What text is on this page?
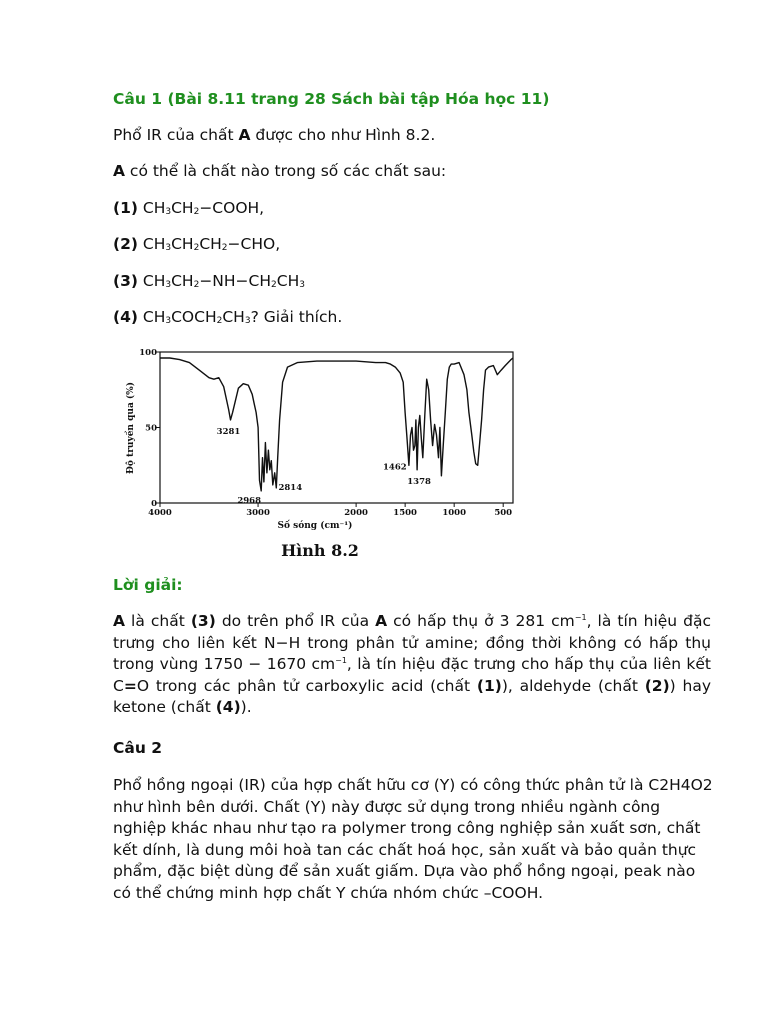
Câu 1 (Bài 8.11 trang 28 Sách bài tập Hóa học 11)
Phổ IR của chất A được cho như Hình 8.2.
A có thể là chất nào trong số các chất sau:
(1) $CH_3CH_2-COOH$,
(2) $CH_3CH_2CH_2-CHO$,
(3) $CH_3CH_2-NH-CH_2CH_3$
(4) $CH_3COCH_2CH_3$? Giải thích.
Lời giải:
A là chất (3) do trên phổ IR của A có hấp thụ ở 3 281 $cm^{-1}$, là tín hiệu đặc trưng cho liên kết N−H trong phân tử amine; đồng thời không có hấp thụ trong vùng 1750 − 1670 $cm^{-1}$, là tín hiệu đặc trưng cho hấp thụ của liên kết C=O trong các phân tử carboxylic acid (chất (1)), aldehyde (chất (2)) hay ketone (chất (4)).
Câu 2
Phổ hồng ngoại (IR) của hợp chất hữu cơ (Y) có công thức phân tử là C2H4O2 như hình bên dưới. Chất (Y) này được sử dụng trong nhiều ngành công nghiệp khác nhau như tạo ra polymer trong công nghiệp sản xuất sơn, chất kết dính, là dung môi hoà tan các chất hoá học, sản xuất và bảo quản thực phẩm, đặc biệt dùng để sản xuất giấm. Dựa vào phổ hồng ngoại, peak nào có thể chứng minh hợp chất Y chứa nhóm chức –COOH.
4000	3000	2000	1500	1000	500
0
50
100
3281
2968
2814
1462
1378
Độ truyền qua (%)
Số sóng (cm⁻¹)
Hình 8.2
